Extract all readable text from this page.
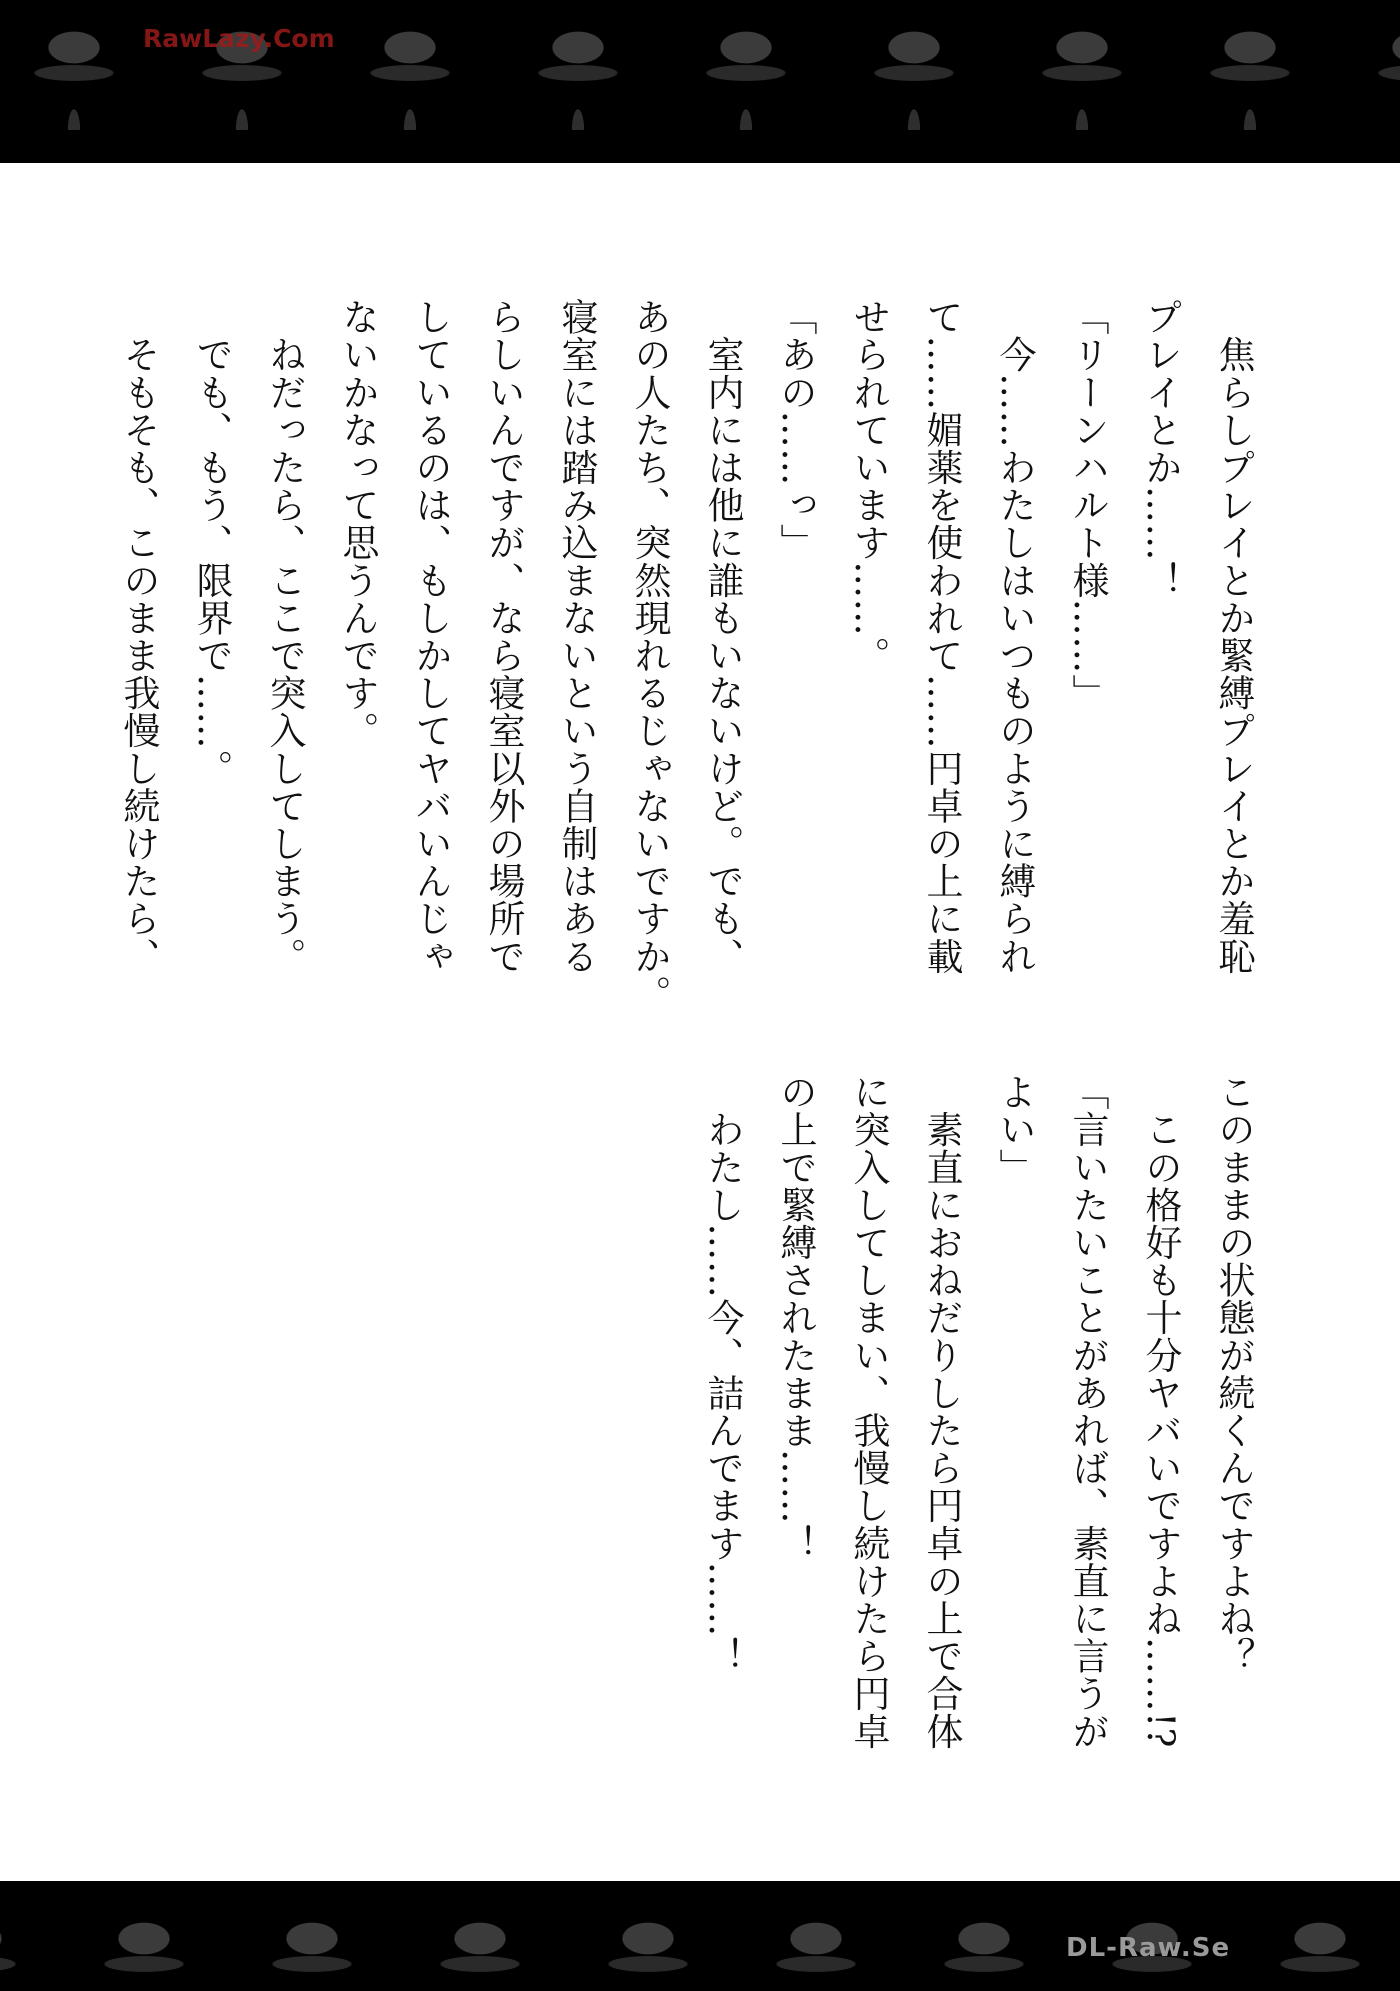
RawLazy.Com
　焦らしプレイとか緊縛プレイとか羞恥
プレイとか……！
「リーンハルト様……」
　今……わたしはいつものように縛られ
て……媚薬を使われて……円卓の上に載
せられています……。
「あの……っ」
　室内には他に誰もいないけど。でも、
あの人たち、突然現れるじゃないですか。
寝室には踏み込まないという自制はある
らしいんですが、なら寝室以外の場所で
しているのは、もしかしてヤバいんじゃ
ないかなって思うんです。
　ねだったら、ここで突入してしまう。
　でも、もう、限界で……。
　そもそも、このまま我慢し続けたら、
このままの状態が続くんですよね？
　この格好も十分ヤバいですよね……!?
「言いたいことがあれば、素直に言うが
よい」
　素直におねだりしたら円卓の上で合体
に突入してしまい、我慢し続けたら円卓
の上で緊縛されたまま……！
　わたし……今、詰んでます……！
DL-Raw.Se
